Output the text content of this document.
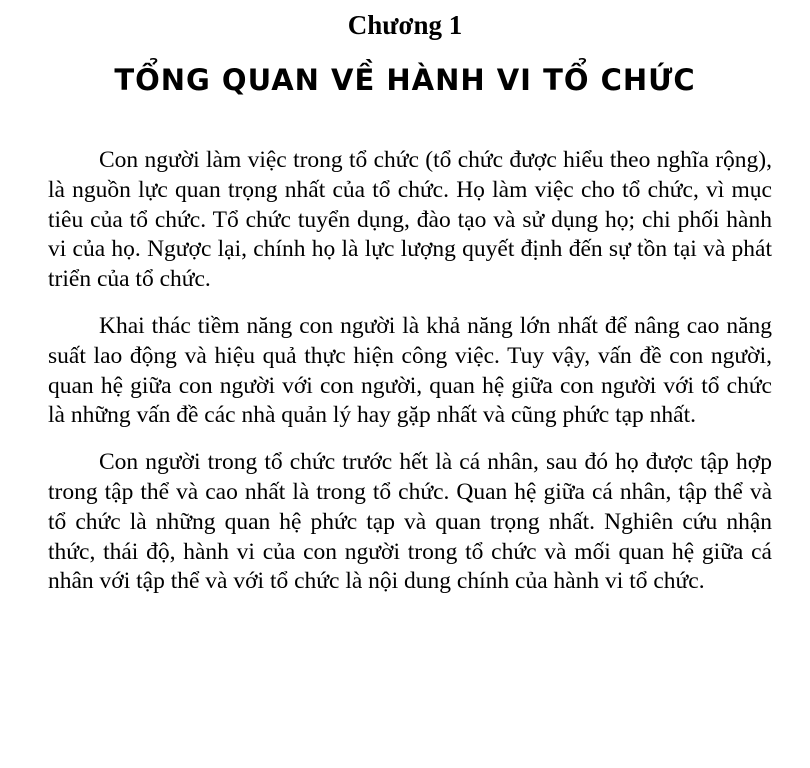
Chương 1
TỔNG QUAN VỀ HÀNH VI TỔ CHỨC

Con người làm việc trong tổ chức (tổ chức được hiểu theo nghĩa rộng), là nguồn lực quan trọng nhất của tổ chức. Họ làm việc cho tổ chức, vì mục tiêu của tổ chức. Tổ chức tuyển dụng, đào tạo và sử dụng họ; chi phối hành vi của họ. Ngược lại, chính họ là lực lượng quyết định đến sự tồn tại và phát triển của tổ chức.

Khai thác tiềm năng con người là khả năng lớn nhất để nâng cao năng suất lao động và hiệu quả thực hiện công việc. Tuy vậy, vấn đề con người, quan hệ giữa con người với con người, quan hệ giữa con người với tổ chức là những vấn đề các nhà quản lý hay gặp nhất và cũng phức tạp nhất.

Con người trong tổ chức trước hết là cá nhân, sau đó họ được tập hợp trong tập thể và cao nhất là trong tổ chức. Quan hệ giữa cá nhân, tập thể và tổ chức là những quan hệ phức tạp và quan trọng nhất. Nghiên cứu nhận thức, thái độ, hành vi của con người trong tổ chức và mối quan hệ giữa cá nhân với tập thể và với tổ chức là nội dung chính của hành vi tổ chức.
